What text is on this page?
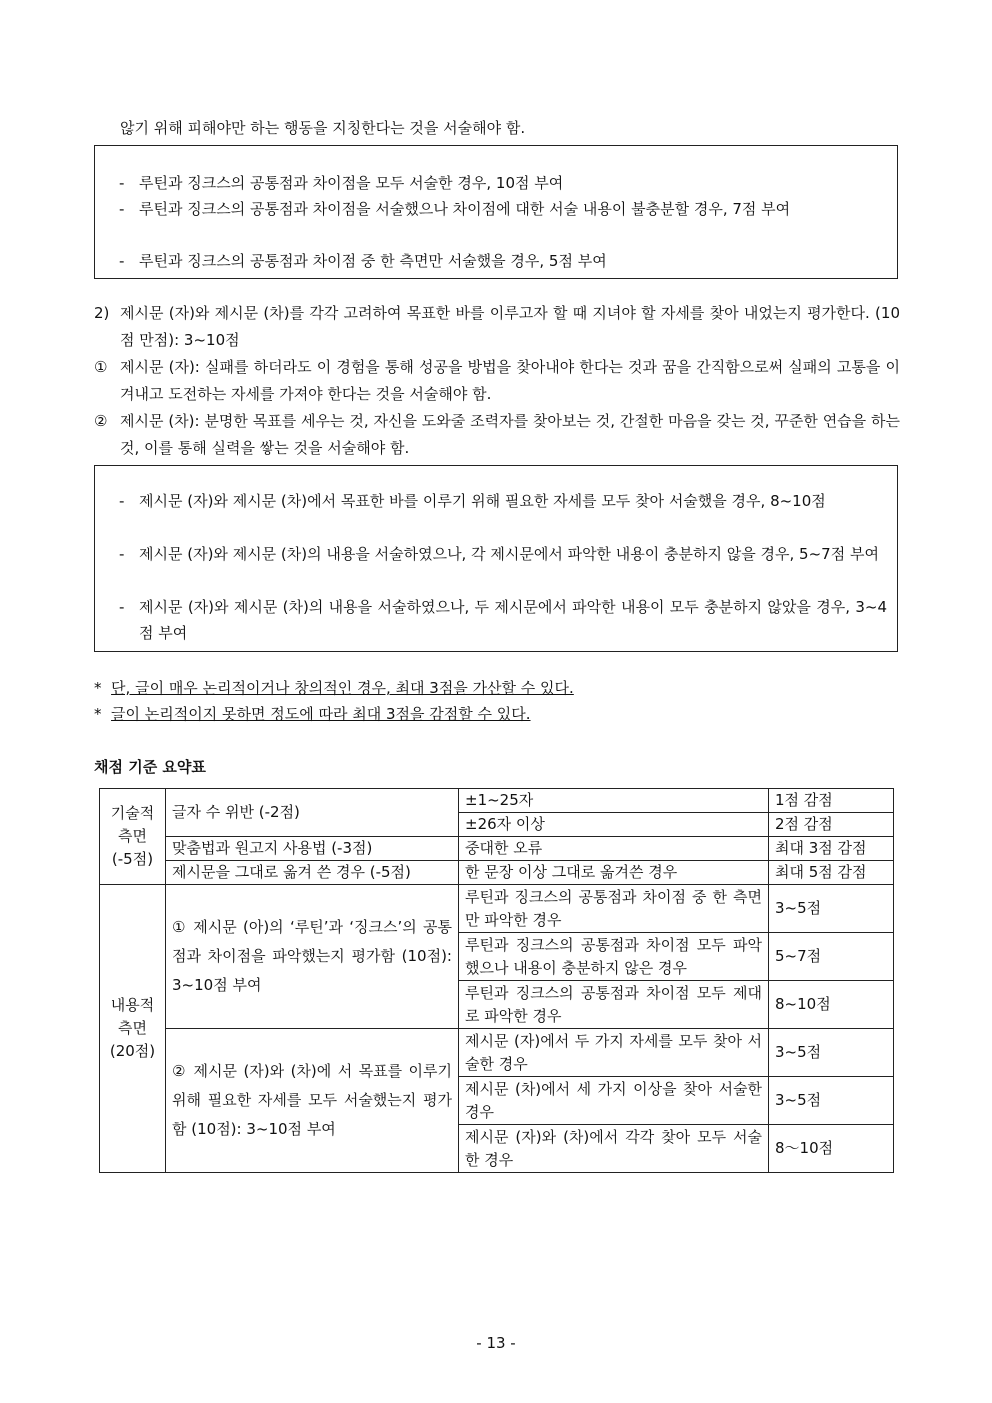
않기 위해 피해야만 하는 행동을 지칭한다는 것을 서술해야 함.
- 루틴과 징크스의 공통점과 차이점을 모두 서술한 경우, 10점 부여
- 루틴과 징크스의 공통점과 차이점을 서술했으나 차이점에 대한 서술 내용이 불충분할 경우, 7점 부여
- 루틴과 징크스의 공통점과 차이점 중 한 측면만 서술했을 경우, 5점 부여
2) 제시문 (자)와 제시문 (차)를 각각 고려하여 목표한 바를 이루고자 할 때 지녀야 할 자세를 찾아 내었는지 평가한다. (10점 만점): 3~10점
① 제시문 (자): 실패를 하더라도 이 경험을 통해 성공을 방법을 찾아내야 한다는 것과 꿈을 간직함으로써 실패의 고통을 이겨내고 도전하는 자세를 가져야 한다는 것을 서술해야 함.
② 제시문 (차): 분명한 목표를 세우는 것, 자신을 도와줄 조력자를 찾아보는 것, 간절한 마음을 갖는 것, 꾸준한 연습을 하는 것, 이를 통해 실력을 쌓는 것을 서술해야 함.
- 제시문 (자)와 제시문 (차)에서 목표한 바를 이루기 위해 필요한 자세를 모두 찾아 서술했을 경우, 8~10점
- 제시문 (자)와 제시문 (차)의 내용을 서술하였으나, 각 제시문에서 파악한 내용이 충분하지 않을 경우, 5~7점 부여
- 제시문 (자)와 제시문 (차)의 내용을 서술하였으나, 두 제시문에서 파악한 내용이 모두 충분하지 않았을 경우, 3~4점 부여
* 단, 글이 매우 논리적이거나 창의적인 경우, 최대 3점을 가산할 수 있다.
* 글이 논리적이지 못하면 정도에 따라 최대 3점을 감점할 수 있다.
채점 기준 요약표
기술적 측면 (-5점)	글자 수 위반 (-2점)	±1~25자	1점 감점
		±26자 이상	2점 감점
	맞춤법과 원고지 사용법 (-3점)	중대한 오류	최대 3점 감점
	제시문을 그대로 옮겨 쓴 경우 (-5점)	한 문장 이상 그대로 옮겨쓴 경우	최대 5점 감점
내용적 측면 (20점)	① 제시문 (아)의 ‘루틴’과 ‘징크스’의 공통점과 차이점을 파악했는지 평가함 (10점): 3~10점 부여	루틴과 징크스의 공통점과 차이점 중 한 측면만 파악한 경우	3~5점
		루틴과 징크스의 공통점과 차이점 모두 파악했으나 내용이 충분하지 않은 경우	5~7점
		루틴과 징크스의 공통점과 차이점 모두 제대로 파악한 경우	8~10점
	② 제시문 (자)와 (차)에 서 목표를 이루기 위해 필요한 자세를 모두 서술했는지 평가함 (10점): 3~10점 부여	제시문 (자)에서 두 가지 자세를 모두 찾아 서술한 경우	3~5점
		제시문 (차)에서 세 가지 이상을 찾아 서술한 경우	3~5점
		제시문 (자)와 (차)에서 각각 찾아 모두 서술한 경우	8～10점
- 13 -
